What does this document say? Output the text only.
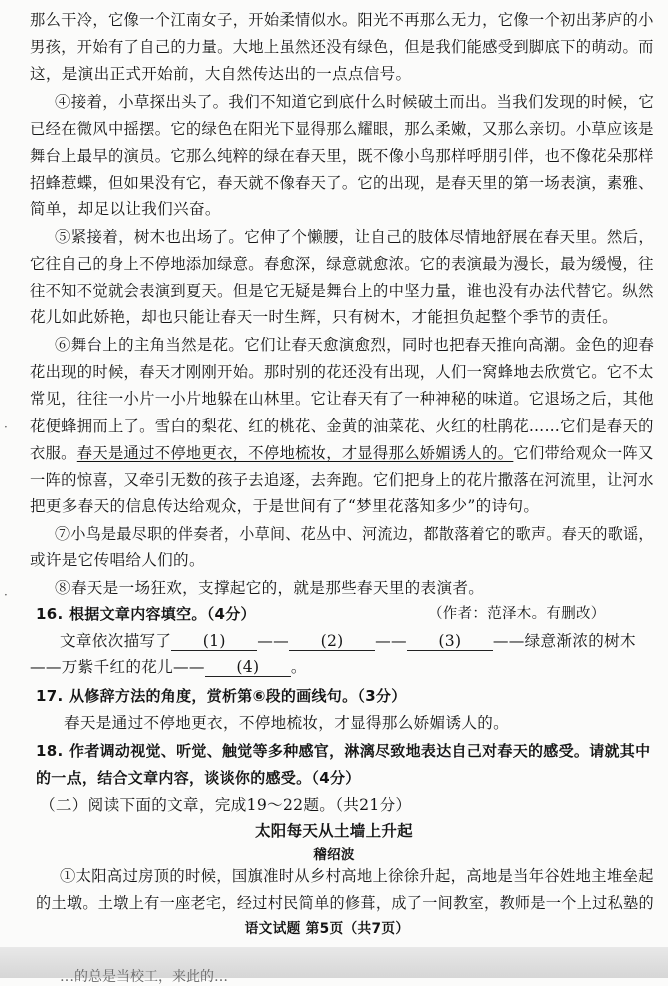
那么干冷，它像一个江南女子，开始柔情似水。阳光不再那么无力，它像一个初出茅庐的小
男孩，开始有了自己的力量。大地上虽然还没有绿色，但是我们能感受到脚底下的萌动。而
这，是演出正式开始前，大自然传达出的一点点信号。
④接着，小草探出头了。我们不知道它到底什么时候破土而出。当我们发现的时候，它
已经在微风中摇摆。它的绿色在阳光下显得那么耀眼，那么柔嫩，又那么亲切。小草应该是
舞台上最早的演员。它那么纯粹的绿在春天里，既不像小鸟那样呼朋引伴，也不像花朵那样
招蜂惹蝶，但如果没有它，春天就不像春天了。它的出现，是春天里的第一场表演，素雅、
简单，却足以让我们兴奋。
⑤紧接着，树木也出场了。它伸了个懒腰，让自己的肢体尽情地舒展在春天里。然后，
它往自己的身上不停地添加绿意。春愈深，绿意就愈浓。它的表演最为漫长，最为缓慢，往
往不知不觉就会表演到夏天。但是它无疑是舞台上的中坚力量，谁也没有办法代替它。纵然
花儿如此娇艳，却也只能让春天一时生辉，只有树木，才能担负起整个季节的责任。
⑥舞台上的主角当然是花。它们让春天愈演愈烈，同时也把春天推向高潮。金色的迎春
花出现的时候，春天才刚刚开始。那时别的花还没有出现，人们一窝蜂地去欣赏它。它不太
常见，往往一小片一小片地躲在山林里。它让春天有了一种神秘的味道。它退场之后，其他
花便蜂拥而上了。雪白的梨花、红的桃花、金黄的油菜花、火红的杜鹃花……它们是春天的
衣服。春天是通过不停地更衣，不停地梳妆，才显得那么娇媚诱人的。它们带给观众一阵又
一阵的惊喜，又牵引无数的孩子去追逐，去奔跑。它们把身上的花片撒落在河流里，让河水
把更多春天的信息传达给观众，于是世间有了“梦里花落知多少”的诗句。
⑦小鸟是最尽职的伴奏者，小草间、花丛中、河流边，都散落着它的歌声。春天的歌谣，
或许是它传唱给人们的。
⑧春天是一场狂欢，支撑起它的，就是那些春天里的表演者。
（作者：范泽木。有删改）
16. 根据文章内容填空。（4分）
文章依次描写了 (1) —— (2) —— (3) ——绿意渐浓的树木
——万紫千红的花儿—— (4) 。
17. 从修辞方法的角度，赏析第⑥段的画线句。（3分）
春天是通过不停地更衣，不停地梳妆，才显得那么娇媚诱人的。
18. 作者调动视觉、听觉、触觉等多种感官，淋漓尽致地表达自己对春天的感受。请就其中
的一点，结合文章内容，谈谈你的感受。（4分）
（二）阅读下面的文章，完成19～22题。（共21分）
太阳每天从土墙上升起
稽绍波
①太阳高过房顶的时候，国旗准时从乡村高地上徐徐升起，高地是当年谷姓地主堆垒起
的土墩。土墩上有一座老宅，经过村民简单的修葺，成了一间教室，教师是一个上过私塾的
语文试题 第5页（共7页）
…的总是当校工，来此的…
·
·
